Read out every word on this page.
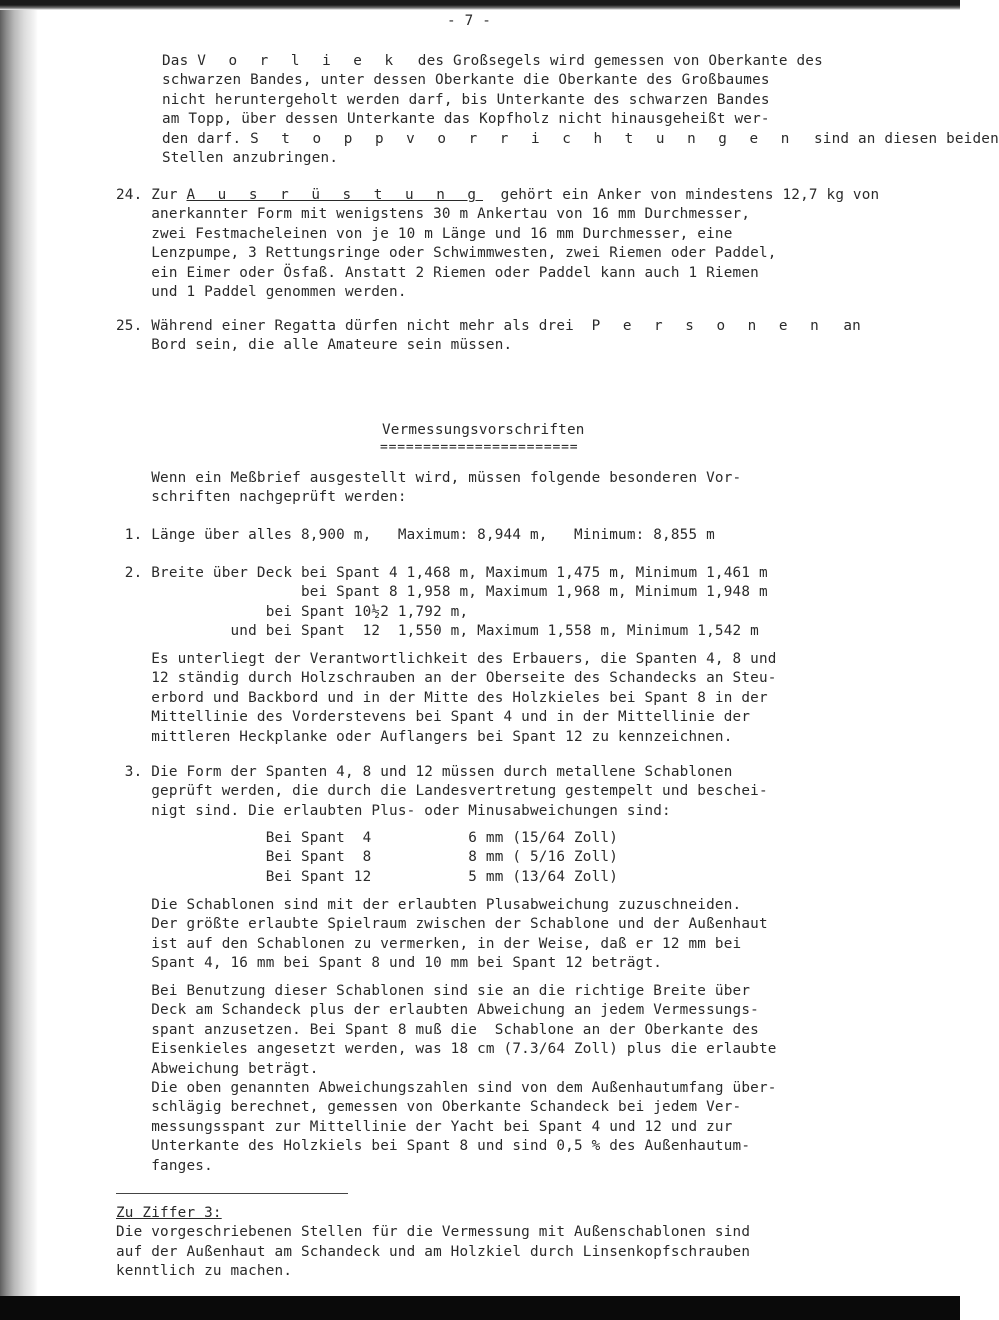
- 7 -
Das V o r l i e k  des Großsegels wird gemessen von Oberkante des
schwarzen Bandes, unter dessen Oberkante die Oberkante des Großbaumes
nicht heruntergeholt werden darf, bis Unterkante des schwarzen Bandes
am Topp, über dessen Unterkante das Kopfholz nicht hinausgeheißt wer-
den darf. S t o p p v o r r i c h t u n g e n  sind an diesen beiden
Stellen anzubringen.
24. Zur A u s r ü s t u n g  gehört ein Anker von mindestens 12,7 kg von
anerkannter Form mit wenigstens 30 m Ankertau von 16 mm Durchmesser,
zwei Festmacheleinen von je 10 m Länge und 16 mm Durchmesser, eine
Lenzpumpe, 3 Rettungsringe oder Schwimmwesten, zwei Riemen oder Paddel,
ein Eimer oder Ösfaß. Anstatt 2 Riemen oder Paddel kann auch 1 Riemen
und 1 Paddel genommen werden.
25. Während einer Regatta dürfen nicht mehr als drei  P e r s o n e n  an
Bord sein, die alle Amateure sein müssen.
Vermessungsvorschriften
=======================
Wenn ein Meßbrief ausgestellt wird, müssen folgende besonderen Vor-
schriften nachgeprüft werden:
1. Länge über alles 8,900 m,   Maximum: 8,944 m,   Minimum: 8,855 m
2. Breite über Deck bei Spant 4 1,468 m, Maximum 1,475 m, Minimum 1,461 m
bei Spant 8 1,958 m, Maximum 1,968 m, Minimum 1,948 m
bei Spant 10½2 1,792 m,
und bei Spant  12  1,550 m, Maximum 1,558 m, Minimum 1,542 m
Es unterliegt der Verantwortlichkeit des Erbauers, die Spanten 4, 8 und
12 ständig durch Holzschrauben an der Oberseite des Schandecks an Steu-
erbord und Backbord und in der Mitte des Holzkieles bei Spant 8 in der
Mittellinie des Vorderstevens bei Spant 4 und in der Mittellinie der
mittleren Heckplanke oder Auflangers bei Spant 12 zu kennzeichnen.
3. Die Form der Spanten 4, 8 und 12 müssen durch metallene Schablonen
geprüft werden, die durch die Landesvertretung gestempelt und beschei-
nigt sind. Die erlaubten Plus- oder Minusabweichungen sind:
Bei Spant  4           6 mm (15/64 Zoll)
Bei Spant  8           8 mm ( 5/16 Zoll)
Bei Spant 12           5 mm (13/64 Zoll)
Die Schablonen sind mit der erlaubten Plusabweichung zuzuschneiden.
Der größte erlaubte Spielraum zwischen der Schablone und der Außenhaut
ist auf den Schablonen zu vermerken, in der Weise, daß er 12 mm bei
Spant 4, 16 mm bei Spant 8 und 10 mm bei Spant 12 beträgt.
Bei Benutzung dieser Schablonen sind sie an die richtige Breite über
Deck am Schandeck plus der erlaubten Abweichung an jedem Vermessungs-
spant anzusetzen. Bei Spant 8 muß die  Schablone an der Oberkante des
Eisenkieles angesetzt werden, was 18 cm (7.3/64 Zoll) plus die erlaubte
Abweichung beträgt.
Die oben genannten Abweichungszahlen sind von dem Außenhautumfang über-
schlägig berechnet, gemessen von Oberkante Schandeck bei jedem Ver-
messungsspant zur Mittellinie der Yacht bei Spant 4 und 12 und zur
Unterkante des Holzkiels bei Spant 8 und sind 0,5 % des Außenhautum-
fanges.
Zu Ziffer 3:
Die vorgeschriebenen Stellen für die Vermessung mit Außenschablonen sind
auf der Außenhaut am Schandeck und am Holzkiel durch Linsenkopfschrauben
kenntlich zu machen.
